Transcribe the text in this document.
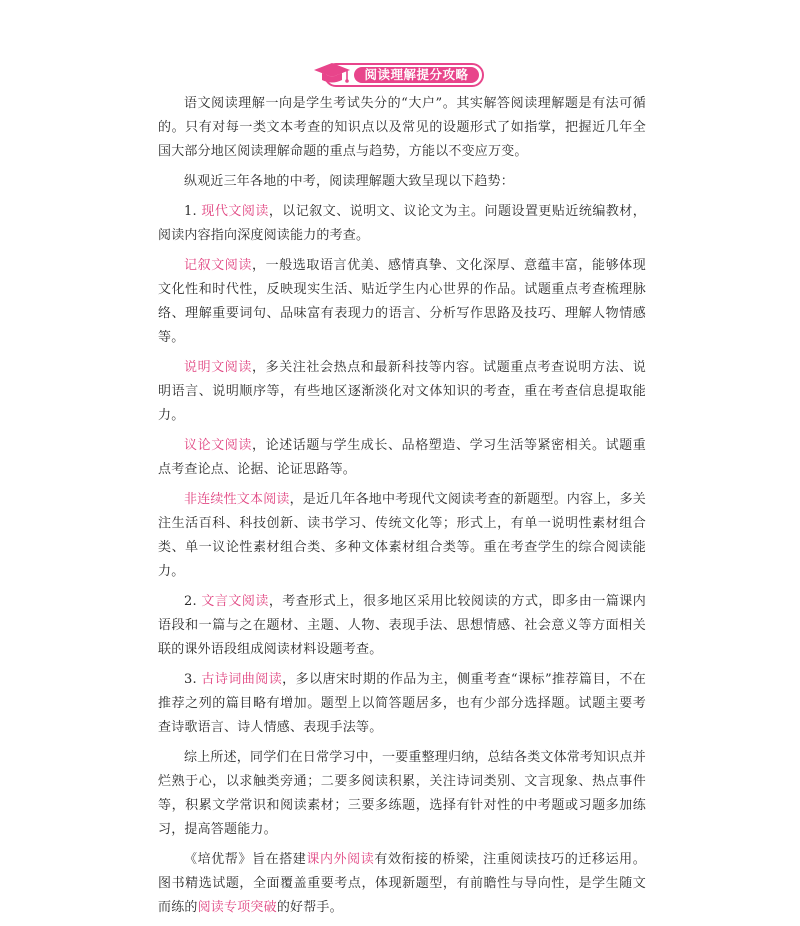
阅读理解提分攻略

语文阅读理解一向是学生考试失分的“大户”。其实解答阅读理解题是有法可循的。只有对每一类文本考查的知识点以及常见的设题形式了如指掌，把握近几年全国大部分地区阅读理解命题的重点与趋势，方能以不变应万变。

纵观近三年各地的中考，阅读理解题大致呈现以下趋势：

1. 现代文阅读，以记叙文、说明文、议论文为主。问题设置更贴近统编教材，阅读内容指向深度阅读能力的考查。

记叙文阅读，一般选取语言优美、感情真挚、文化深厚、意蕴丰富，能够体现文化性和时代性，反映现实生活、贴近学生内心世界的作品。试题重点考查梳理脉络、理解重要词句、品味富有表现力的语言、分析写作思路及技巧、理解人物情感等。

说明文阅读，多关注社会热点和最新科技等内容。试题重点考查说明方法、说明语言、说明顺序等，有些地区逐渐淡化对文体知识的考查，重在考查信息提取能力。

议论文阅读，论述话题与学生成长、品格塑造、学习生活等紧密相关。试题重点考查论点、论据、论证思路等。

非连续性文本阅读，是近几年各地中考现代文阅读考查的新题型。内容上，多关注生活百科、科技创新、读书学习、传统文化等；形式上，有单一说明性素材组合类、单一议论性素材组合类、多种文体素材组合类等。重在考查学生的综合阅读能力。

2. 文言文阅读，考查形式上，很多地区采用比较阅读的方式，即多由一篇课内语段和一篇与之在题材、主题、人物、表现手法、思想情感、社会意义等方面相关联的课外语段组成阅读材料设题考查。

3. 古诗词曲阅读，多以唐宋时期的作品为主，侧重考查“课标”推荐篇目，不在推荐之列的篇目略有增加。题型上以简答题居多，也有少部分选择题。试题主要考查诗歌语言、诗人情感、表现手法等。

综上所述，同学们在日常学习中，一要重整理归纳，总结各类文体常考知识点并烂熟于心，以求触类旁通；二要多阅读积累，关注诗词类别、文言现象、热点事件等，积累文学常识和阅读素材；三要多练题，选择有针对性的中考题或习题多加练习，提高答题能力。

《培优帮》旨在搭建课内外阅读有效衔接的桥梁，注重阅读技巧的迁移运用。图书精选试题，全面覆盖重要考点，体现新题型，有前瞻性与导向性，是学生随文而练的阅读专项突破的好帮手。
